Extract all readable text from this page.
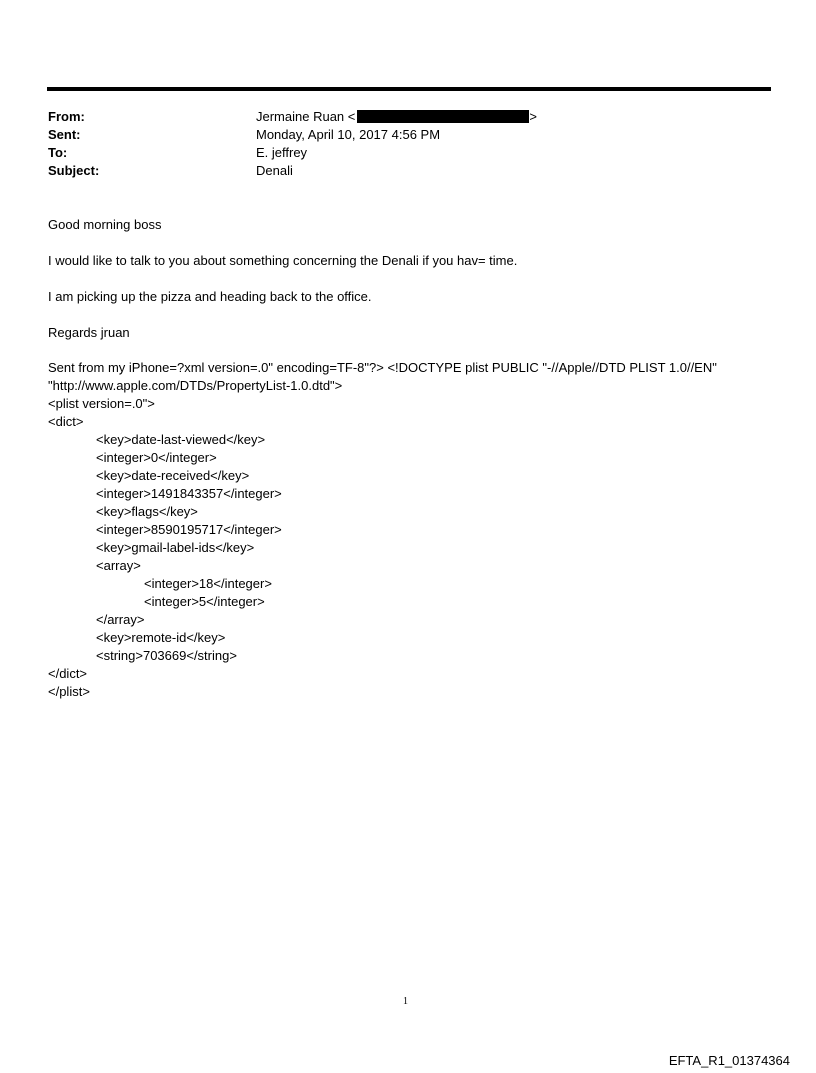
From:	Jermaine Ruan <	>
Sent:	Monday, April 10, 2017 4:56 PM
To:	E. jeffrey
Subject:	Denali
Good morning boss
I would like to talk to you about something concerning the Denali if you hav= time.
I am picking up the pizza and heading back to the office.
Regards jruan
Sent from my iPhone=?xml version=.0" encoding=TF-8"?> <!DOCTYPE plist PUBLIC "-//Apple//DTD PLIST 1.0//EN"
"http://www.apple.com/DTDs/PropertyList-1.0.dtd">
<plist version=.0">
<dict>
<key>date-last-viewed</key>
<integer>0</integer>
<key>date-received</key>
<integer>1491843357</integer>
<key>flags</key>
<integer>8590195717</integer>
<key>gmail-label-ids</key>
<array>
<integer>18</integer>
<integer>5</integer>
</array>
<key>remote-id</key>
<string>703669</string>
</dict>
</plist>
1
EFTA_R1_01374364
